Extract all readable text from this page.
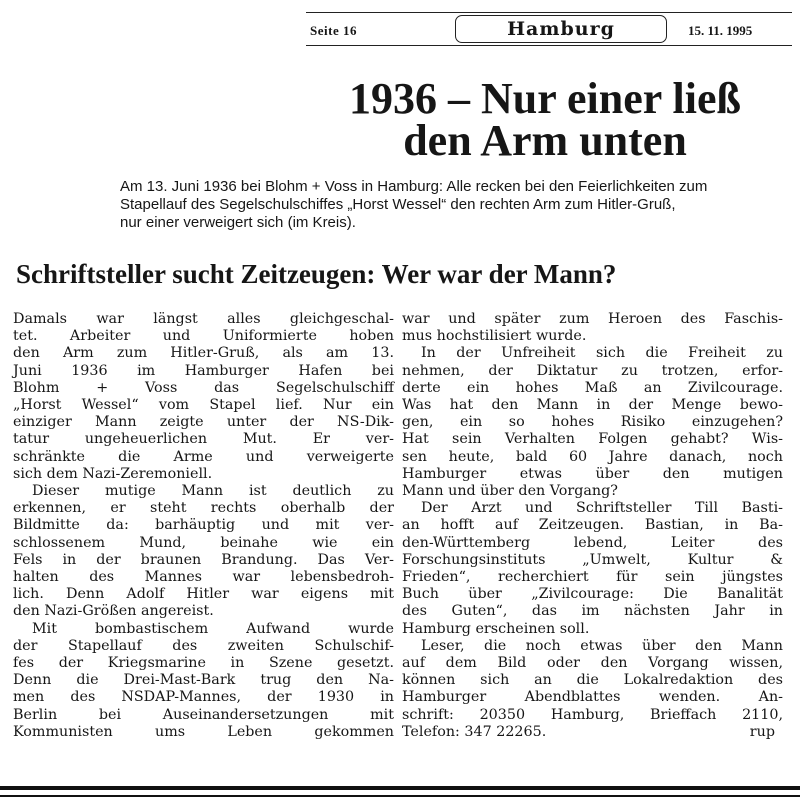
Seite 16	Hamburg	15. 11. 1995
1936 – Nur einer ließ
den Arm unten
Am 13. Juni 1936 bei Blohm + Voss in Hamburg: Alle recken bei den Feierlichkeiten zum
Stapellauf des Segelschulschiffes „Horst Wessel“ den rechten Arm zum Hitler-Gruß,
nur einer verweigert sich (im Kreis).
Schriftsteller sucht Zeitzeugen: Wer war der Mann?
Damals war längst alles gleichgeschal-
tet. Arbeiter und Uniformierte hoben
den Arm zum Hitler-Gruß, als am 13.
Juni 1936 im Hamburger Hafen bei
Blohm + Voss das Segelschulschiff
„Horst Wessel“ vom Stapel lief. Nur ein
einziger Mann zeigte unter der NS-Dik-
tatur ungeheuerlichen Mut. Er ver-
schränkte die Arme und verweigerte
sich dem Nazi-Zeremoniell.
Dieser mutige Mann ist deutlich zu
erkennen, er steht rechts oberhalb der
Bildmitte da: barhäuptig und mit ver-
schlossenem Mund, beinahe wie ein
Fels in der braunen Brandung. Das Ver-
halten des Mannes war lebensbedroh-
lich. Denn Adolf Hitler war eigens mit
den Nazi-Größen angereist.
Mit bombastischem Aufwand wurde
der Stapellauf des zweiten Schulschif-
fes der Kriegsmarine in Szene gesetzt.
Denn die Drei-Mast-Bark trug den Na-
men des NSDAP-Mannes, der 1930 in
Berlin bei Auseinandersetzungen mit
Kommunisten ums Leben gekommen
war und später zum Heroen des Faschis-
mus hochstilisiert wurde.
In der Unfreiheit sich die Freiheit zu
nehmen, der Diktatur zu trotzen, erfor-
derte ein hohes Maß an Zivilcourage.
Was hat den Mann in der Menge bewo-
gen, ein so hohes Risiko einzugehen?
Hat sein Verhalten Folgen gehabt? Wis-
sen heute, bald 60 Jahre danach, noch
Hamburger etwas über den mutigen
Mann und über den Vorgang?
Der Arzt und Schriftsteller Till Basti-
an hofft auf Zeitzeugen. Bastian, in Ba-
den-Württemberg lebend, Leiter des
Forschungsinstituts „Umwelt, Kultur &
Frieden“, recherchiert für sein jüngstes
Buch über „Zivilcourage: Die Banalität
des Guten“, das im nächsten Jahr in
Hamburg erscheinen soll.
Leser, die noch etwas über den Mann
auf dem Bild oder den Vorgang wissen,
können sich an die Lokalredaktion des
Hamburger Abendblattes wenden. An-
schrift: 20350 Hamburg, Brieffach 2110,
Telefon: 347 22265.	rup
